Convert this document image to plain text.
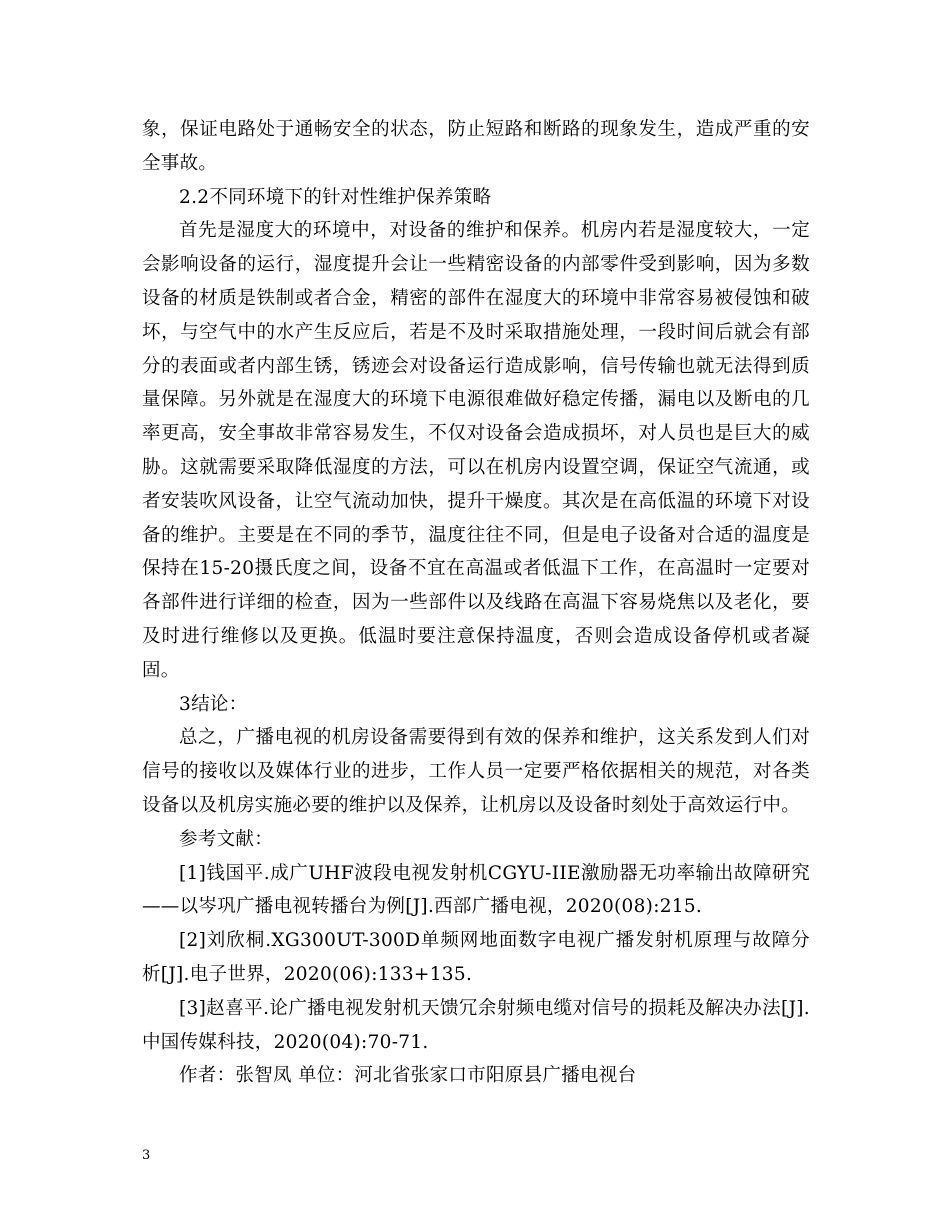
象，保证电路处于通畅安全的状态，防止短路和断路的现象发生，造成严重的安全事故。

2.2不同环境下的针对性维护保养策略

首先是湿度大的环境中，对设备的维护和保养。机房内若是湿度较大，一定会影响设备的运行，湿度提升会让一些精密设备的内部零件受到影响，因为多数设备的材质是铁制或者合金，精密的部件在湿度大的环境中非常容易被侵蚀和破坏，与空气中的水产生反应后，若是不及时采取措施处理，一段时间后就会有部分的表面或者内部生锈，锈迹会对设备运行造成影响，信号传输也就无法得到质量保障。另外就是在湿度大的环境下电源很难做好稳定传播，漏电以及断电的几率更高，安全事故非常容易发生，不仅对设备会造成损坏，对人员也是巨大的威胁。这就需要采取降低湿度的方法，可以在机房内设置空调，保证空气流通，或者安装吹风设备，让空气流动加快，提升干燥度。其次是在高低温的环境下对设备的维护。主要是在不同的季节，温度往往不同，但是电子设备对合适的温度是保持在15-20摄氏度之间，设备不宜在高温或者低温下工作，在高温时一定要对各部件进行详细的检查，因为一些部件以及线路在高温下容易烧焦以及老化，要及时进行维修以及更换。低温时要注意保持温度，否则会造成设备停机或者凝固。

3结论：

总之，广播电视的机房设备需要得到有效的保养和维护，这关系发到人们对信号的接收以及媒体行业的进步，工作人员一定要严格依据相关的规范，对各类设备以及机房实施必要的维护以及保养，让机房以及设备时刻处于高效运行中。

参考文献：

[1]钱国平.成广UHF波段电视发射机CGYU-IIE激励器无功率输出故障研究——以岑巩广播电视转播台为例[J].西部广播电视，2020(08):215.

[2]刘欣桐.XG300UT-300D单频网地面数字电视广播发射机原理与故障分析[J].电子世界，2020(06):133+135.

[3]赵喜平.论广播电视发射机天馈冗余射频电缆对信号的损耗及解决办法[J].中国传媒科技，2020(04):70-71.

作者：张智凤 单位：河北省张家口市阳原县广播电视台

3
